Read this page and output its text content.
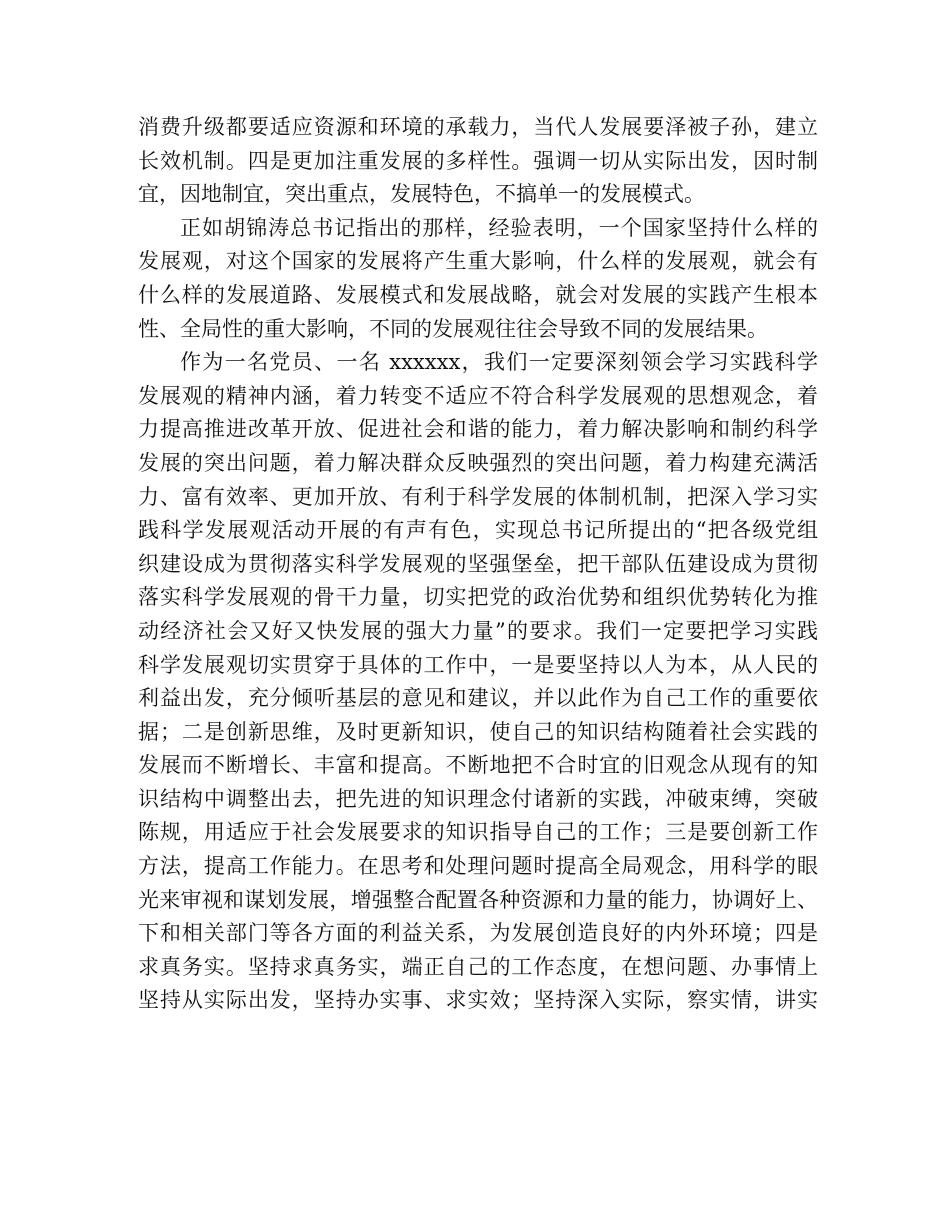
消费升级都要适应资源和环境的承载力，当代人发展要泽被子孙，建立
长效机制。四是更加注重发展的多样性。强调一切从实际出发，因时制
宜，因地制宜，突出重点，发展特色，不搞单一的发展模式。
正如胡锦涛总书记指出的那样，经验表明，一个国家坚持什么样的
发展观，对这个国家的发展将产生重大影响，什么样的发展观，就会有
什么样的发展道路、发展模式和发展战略，就会对发展的实践产生根本
性、全局性的重大影响，不同的发展观往往会导致不同的发展结果。
作为一名党员、一名 xxxxxx，我们一定要深刻领会学习实践科学
发展观的精神内涵，着力转变不适应不符合科学发展观的思想观念，着
力提高推进改革开放、促进社会和谐的能力，着力解决影响和制约科学
发展的突出问题，着力解决群众反映强烈的突出问题，着力构建充满活
力、富有效率、更加开放、有利于科学发展的体制机制，把深入学习实
践科学发展观活动开展的有声有色，实现总书记所提出的“把各级党组
织建设成为贯彻落实科学发展观的坚强堡垒，把干部队伍建设成为贯彻
落实科学发展观的骨干力量，切实把党的政治优势和组织优势转化为推
动经济社会又好又快发展的强大力量”的要求。我们一定要把学习实践
科学发展观切实贯穿于具体的工作中，一是要坚持以人为本，从人民的
利益出发，充分倾听基层的意见和建议，并以此作为自己工作的重要依
据；二是创新思维，及时更新知识，使自己的知识结构随着社会实践的
发展而不断增长、丰富和提高。不断地把不合时宜的旧观念从现有的知
识结构中调整出去，把先进的知识理念付诸新的实践，冲破束缚，突破
陈规，用适应于社会发展要求的知识指导自己的工作；三是要创新工作
方法，提高工作能力。在思考和处理问题时提高全局观念，用科学的眼
光来审视和谋划发展，增强整合配置各种资源和力量的能力，协调好上、
下和相关部门等各方面的利益关系，为发展创造良好的内外环境；四是
求真务实。坚持求真务实，端正自己的工作态度，在想问题、办事情上
坚持从实际出发，坚持办实事、求实效；坚持深入实际，察实情，讲实
